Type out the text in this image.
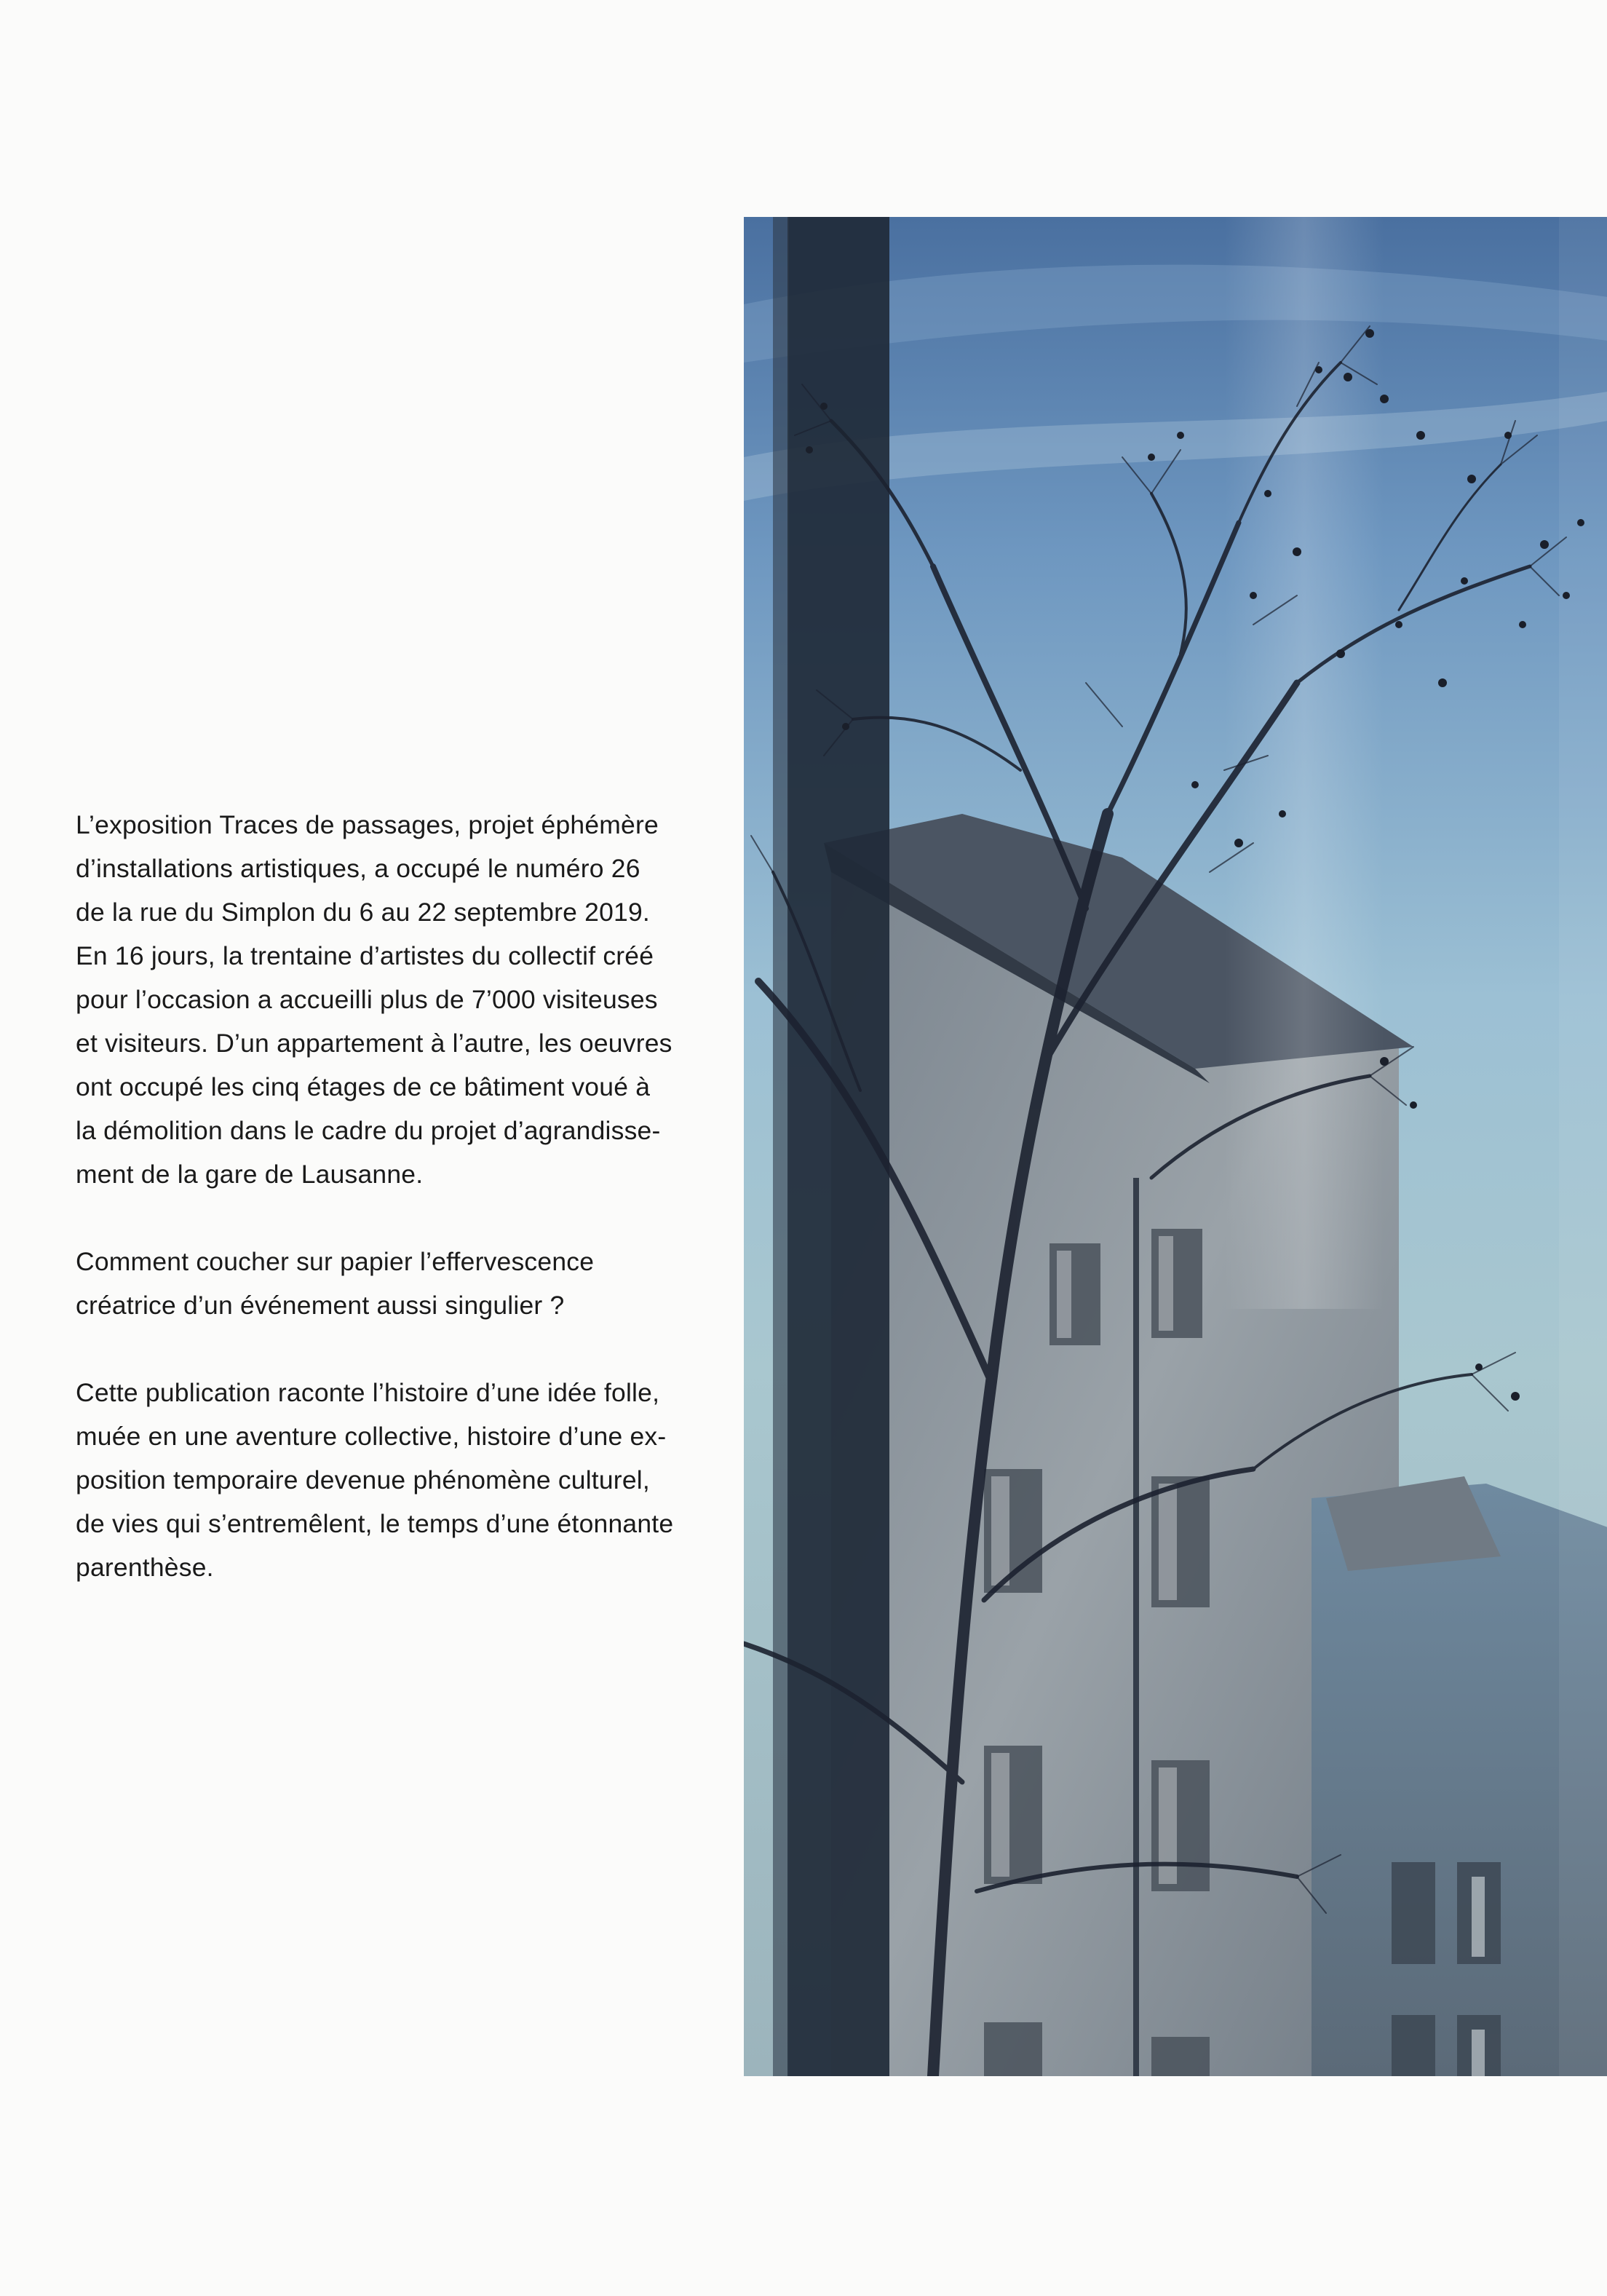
L’exposition Traces de passages, projet éphémère
d’installations artistiques, a occupé le numéro 26
de la rue du Simplon du 6 au 22 septembre 2019.
En 16 jours, la trentaine d’artistes du collectif créé
pour l’occasion a accueilli plus de 7’000 visiteuses
et visiteurs. D’un appartement à l’autre, les oeuvres
ont occupé les cinq étages de ce bâtiment voué à
la démolition dans le cadre du projet d’agrandisse-
ment de la gare de Lausanne.

Comment coucher sur papier l’effervescence
créatrice d’un événement aussi singulier ?

Cette publication raconte l’histoire d’une idée folle,
muée en une aventure collective, histoire d’une ex-
position temporaire devenue phénomène culturel,
de vies qui s’entremêlent, le temps d’une étonnante
parenthèse.
